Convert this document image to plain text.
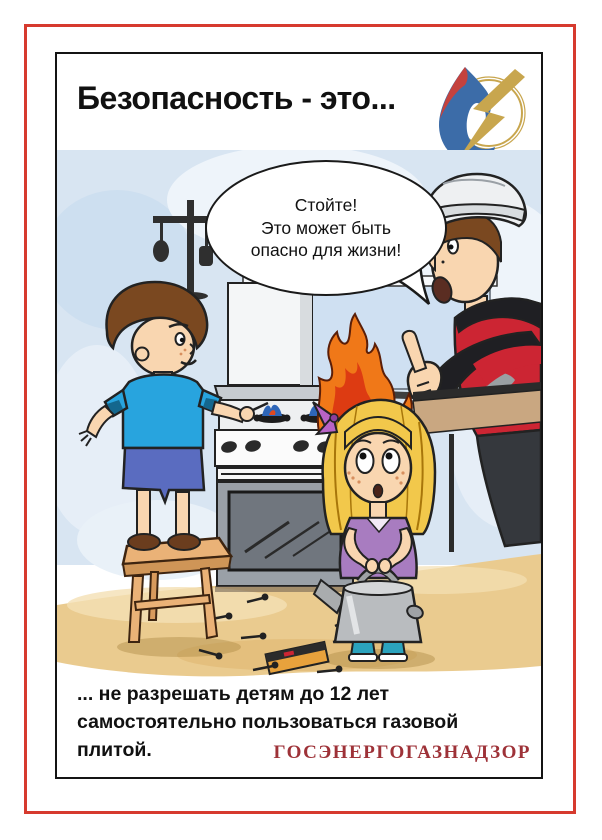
Безопасность - это...
Стойте!
Это может быть
опасно для жизни!
... не разрешать детям до 12 лет
самостоятельно пользоваться газовой плитой.	ГОСЭНЕРГОГАЗНАДЗОР
